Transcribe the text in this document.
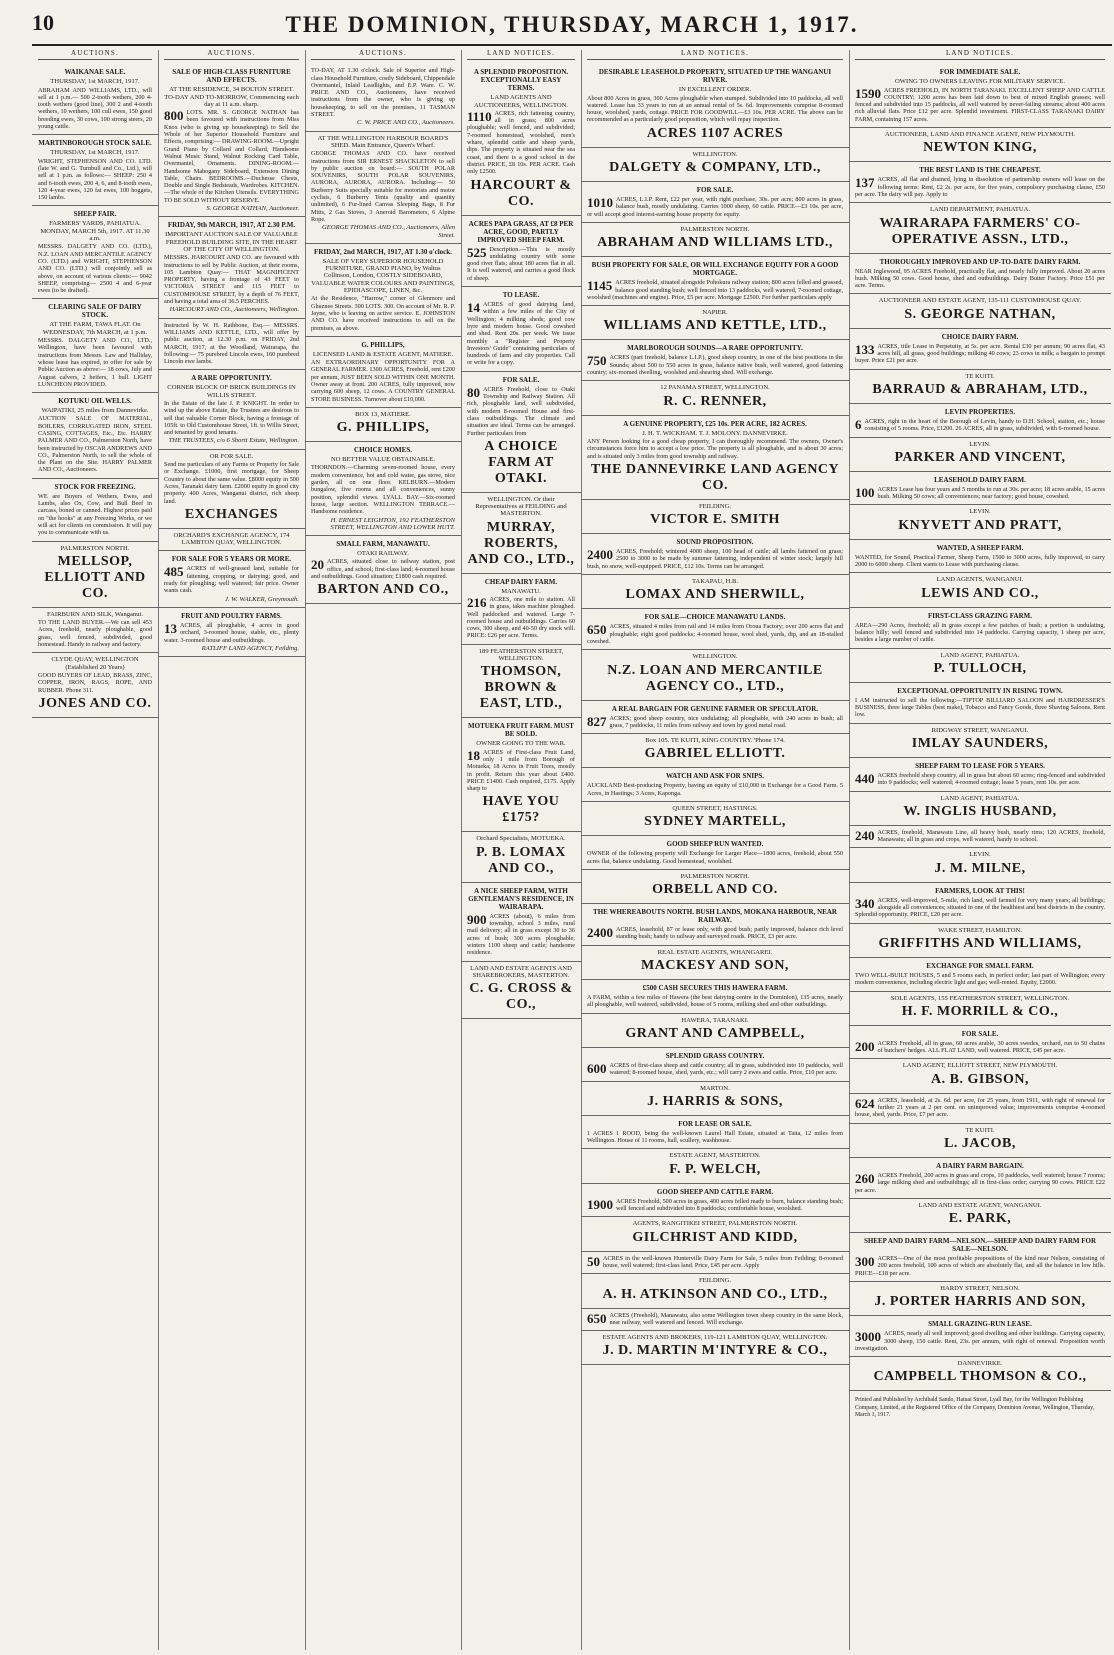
10	THE DOMINION, THURSDAY, MARCH 1, 1917.
AUCTIONS.
WAIKANAE SALE.
THURSDAY, 1st MARCH, 1917.
ABRAHAM AND WILLIAMS, LTD., will sell at 1 p.m.— 500 2-tooth wethers, 200 4-tooth wethers (good line), 300 2 and 4-tooth wethers, 10 wethers, 100 cull ewes, 150 good breeding ewes, 30 cows, 100 strong steers, 20 young cattle.
MARTINBOROUGH STOCK SALE.
THURSDAY, 1st MARCH, 1917.
WRIGHT, STEPHENSON AND CO. LTD. (late W. and G. Turnbull and Co., Ltd.), will sell at 1 p.m. as follows:— SHEEP: 250 4 and 6-tooth ewes, 200 4, 6, and 8-tooth ewes, 120 4-year ewes, 120 fat ewes, 100 hoggets, 150 lambs.
SHEEP FAIR.
FARMERS' YARDS, PAHIATUA. MONDAY, MARCH 5th, 1917. AT 11.30 a.m.
MESSRS. DALGETY AND CO. (LTD.), N.Z. LOAN AND MERCANTILE AGENCY CO. (LTD.) and WRIGHT, STEPHENSON AND CO. (LTD.) will conjointly sell as above, on account of various clients:— 9042 SHEEP, comprising— 2500 4 and 6-year ewes (to be drafted).
CLEARING SALE OF DAIRY STOCK.
AT THE FARM, TAWA FLAT. On WEDNESDAY, 7th MARCH, at 1 p.m.
MESSRS. DALGETY AND CO., LTD., Wellington, have been favoured with instructions from Messrs. Law and Halliday, whose lease has expired, to offer for sale by Public Auction as above:— 18 cows, July and August calvers, 2 heifers, 1 bull. LIGHT LUNCHEON PROVIDED.
KOTUKU OIL WELLS.
WAIPATIKI, 25 miles from Dannevirke.
AUCTION SALE OF MATERIAL, BOILERS, CORRUGATED IRON, STEEL CASING, COTTAGES, Etc., Etc. HARRY PALMER AND CO., Palmerston North, have been instructed by OSCAR ANDREWS AND CO., Palmerston North, to sell the whole of the Plant on the Site. HARRY PALMER AND CO., Auctioneers.
STOCK FOR FREEZING.
WE are Buyers of Wethers, Ewes, and Lambs, also Ox, Cow, and Bull Beef in carcass, boned or canned. Highest prices paid on "the hooks" at any Freezing Works, or we will act for clients on commission. It will pay you to communicate with us.
PALMERSTON NORTH.
MELLSOP, ELLIOTT AND CO.
FAIRBURN AND SILK, Wanganui.
TO THE LAND BUYER.—We can sell 453 Acres, freehold, nearly ploughable, good grass, well fenced, subdivided, good homestead. Handy to railway and factory.
CLYDE QUAY, WELLINGTON (Established 20 Years)
GOOD BUYERS OF LEAD, BRASS, ZINC, COPPER, IRON, RAGS, ROPE, AND RUBBER. Phone 311.
JONES AND CO.
AUCTIONS.
SALE OF HIGH-CLASS FURNITURE AND EFFECTS.
AT THE RESIDENCE, 34 BOLTON STREET. TO-DAY AND TO-MORROW, Commencing each day at 11 a.m. sharp.
800 LOTS. MR. S. GEORGE NATHAN has been favoured with instructions from Miss Knox (who is giving up housekeeping) to Sell the Whole of her Superior Household Furniture and Effects, comprising:— DRAWING-ROOM.—Upright Grand Piano by Collard and Collard, Handsome Walnut Music Stand, Walnut Rocking Card Table, Overmantel, Ornaments. DINING-ROOM.—Handsome Mahogany Sideboard, Extension Dining Table, Chairs. BEDROOMS.—Duchesse Chests, Double and Single Bedsteads, Wardrobes. KITCHEN.—The whole of the Kitchen Utensils. EVERYTHING TO BE SOLD WITHOUT RESERVE.
S. GEORGE NATHAN, Auctioneer.
FRIDAY, 9th MARCH, 1917, AT 2.30 P.M.
IMPORTANT AUCTION SALE OF VALUABLE FREEHOLD BUILDING SITE, IN THE HEART OF THE CITY OF WELLINGTON.
MESSRS. HARCOURT AND CO. are favoured with instructions to sell by Public Auction, at their rooms, 105 Lambton Quay:— THAT MAGNIFICENT PROPERTY, having a frontage of 43 FEET to VICTORIA STREET and 115 FEET to CUSTOMHOUSE STREET, by a depth of 76 FEET, and having a total area of 36.5 PERCHES.
HARCOURT AND CO., Auctioneers, Wellington.
Instructed by W. H. Rathbone, Esq.— MESSRS. WILLIAMS AND KETTLE, LTD., will offer by public auction, at 12.30 p.m. on FRIDAY, 2nd MARCH, 1917, at the Woodland, Wairarapa, the following:— 75 purebred Lincoln ewes, 160 purebred Lincoln ewe lambs.
A RARE OPPORTUNITY.
CORNER BLOCK OF BRICK BUILDINGS IN WILLIS STREET.
In the Estate of the late J. P. KNIGHT. In order to wind up the above Estate, the Trustees are desirous to sell that valuable Corner Block, having a frontage of 105ft. to Old Customhouse Street, 1ft. to Willis Street, and tenanted by good tenants.
THE TRUSTEES, c/o 6 Shortt Estate, Wellington.
OR FOR SALE.
Send me particulars of any Farms or Property for Sale or Exchange. £1000, first mortgage, for Sheep Country to about the same value. £8000 equity in 500 Acres, Taranaki dairy farm. £2000 equity in good city property. 400 Acres, Wanganui district, rich sheep land.
EXCHANGES
ORCHARD'S EXCHANGE AGENCY, 174 LAMBTON QUAY, WELLINGTON.
FOR SALE FOR 5 YEARS OR MORE.
485 ACRES of well-grassed land, suitable for fattening, cropping, or dairying; good, and ready for ploughing; well watered; fair price. Owner wants cash.
J. W. WALKER, Greymouth.
FRUIT AND POULTRY FARMS.
13 ACRES, all ploughable, 4 acres in good orchard, 3-roomed house, stable, etc., plenty water. 3-roomed house and outbuildings.
RATLIFF LAND AGENCY, Feilding.
AUCTIONS.
TO-DAY, AT 1.30 o'clock. Sale of Superior and High-class Household Furniture, costly Sideboard, Chippendale Overmantel, Inlaid Leadlights, and E.P. Ware. C. W. PRICE AND CO., Auctioneers, have received instructions from the owner, who is giving up housekeeping, to sell on the premises, 11 TASMAN STREET.
C. W. PRICE AND CO., Auctioneers.
AT THE WELLINGTON HARBOUR BOARD'S SHED. Main Entrance, Queen's Wharf.
GEORGE THOMAS AND CO. have received instructions from SIR ERNEST SHACKLETON to sell by public auction on board:— SOUTH POLAR SOUVENIRS, SOUTH POLAR SOUVENIRS, AURORA, AURORA, AURORA. Including:— 50 Burberry Suits specially suitable for motorists and motor cyclists, 6 Burberry Tents (quality and quantity unlimited), 6 Fur-lined Canvas Sleeping Bags, 8 Fur Mitts, 2 Gas Stoves, 3 Aneroid Barometers, 6 Alpine Rope.
GEORGE THOMAS AND CO., Auctioneers, Allen Street.
FRIDAY, 2nd MARCH, 1917, AT 1.30 o'clock.
SALE OF VERY SUPERIOR HOUSEHOLD FURNITURE, GRAND PIANO, by Waltus Collinson, London, COSTLY SIDEBOARD, VALUABLE WATER COLOURS AND PAINTINGS, EPIDIASCOPE, LINEN, &c.
At the Residence, "Harrow," corner of Glenmore and Ghuznee Streets. 300 LOTS. 300. On account of Mr. R. P. Jayne, who is leaving on active service. E. JOHNSTON AND CO. have received instructions to sell on the premises, as above.
G. PHILLIPS,
LICENSED LAND & ESTATE AGENT, MATIERE.
AN EXTRAORDINARY OPPORTUNITY FOR A GENERAL FARMER. 1300 ACRES, Freehold, rent £200 per annum, JUST BEEN SOLD WITHIN ONE MONTH. Owner away at front. 200 ACRES, fully improved, now carrying 600 sheep, 12 cows. A COUNTRY GENERAL STORE BUSINESS. Turnover about £10,000.
BOX 13, MATIERE.
G. PHILLIPS,
CHOICE HOMES.
NO BETTER VALUE OBTAINABLE.
THORNDON.—Charming seven-roomed house, every modern convenience, hot and cold water, gas stove, nice garden, all on one floor. KELBURN.—Modern bungalow, five rooms and all conveniences, sunny position, splendid views. LYALL BAY.—Six-roomed house, large section. WELLINGTON TERRACE.—Handsome residence.
H. ERNEST LEIGHTON, 192 FEATHERSTON STREET, WELLINGTON AND LOWER HUTT.
SMALL FARM, MANAWATU.
OTAKI RAILWAY.
20 ACRES, situated close to railway station, post office, and school; first-class land; 4-roomed house and outbuildings. Good situation; £1800 cash required.
BARTON AND CO.,
LAND NOTICES.
A SPLENDID PROPOSITION. EXCEPTIONALLY EASY TERMS.
LAND AGENTS AND AUCTIONEERS, WELLINGTON.
1110 ACRES, rich fattening country, all in grass; 800 acres ploughable; well fenced, and subdivided; 7-roomed homestead, woolshed, men's whare, splendid cattle and sheep yards, dips. The property is situated near the sea coast, and there is a good school in the district. PRICE, £8 10s. PER ACRE. Cash only £2500.
HARCOURT & CO.
ACRES PAPA GRASS, AT £8 PER ACRE, GOOD, PARTLY IMPROVED SHEEP FARM.
525 Description.—This is mostly undulating country with some good river flats; about 180 acres flat in all. It is well watered, and carries a good flock of sheep.
TO LEASE.
14 ACRES of good dairying land, within a few miles of the City of Wellington; 4 milking sheds; good cow byre and modern house. Good cowshed and shed. Rent 20s. per week. We issue monthly a "Register and Property Investors' Guide" containing particulars of hundreds of farm and city properties. Call or write for a copy.
FOR SALE.
80 ACRES Freehold, close to Otaki Township and Railway Station. All rich, ploughable land, well subdivided, with modern 8-roomed House and first-class outbuildings. The climate and situation are ideal. Terms can be arranged. Further particulars from
A CHOICE FARM AT OTAKI.
WELLINGTON. Or their Representatives at FEILDING and MASTERTON.
MURRAY, ROBERTS, AND CO., LTD.,
CHEAP DAIRY FARM.
MANAWATU.
216 ACRES, one mile to station. All in grass, takes machine ploughed. Well paddocked and watered. Large 7-roomed house and outbuildings. Carries 60 cows, 300 sheep, and 40-50 dry stock will. PRICE: £26 per acre. Terms.
189 FEATHERSTON STREET, WELLINGTON.
THOMSON, BROWN & EAST, LTD.,
MOTUEKA FRUIT FARM. MUST BE SOLD.
OWNER GOING TO THE WAR.
18 ACRES of First-class Fruit Land, only 1 mile from Borough of Motueka; 18 Acres in Fruit Trees, mostly in profit. Return this year about £400. PRICE £1400. Cash required, £175. Apply sharp to
HAVE YOU £175?
Orchard Specialists, MOTUEKA.
P. B. LOMAX AND CO.,
A NICE SHEEP FARM, WITH GENTLEMAN'S RESIDENCE, IN WAIRARAPA.
900 ACRES (about), 6 miles from township, school 3 miles, rural mail delivery; all in grass except 30 to 36 acres of bush; 300 acres ploughable; winters 1100 sheep and cattle; handsome residence.
LAND AND ESTATE AGENTS AND SHAREBROKERS, MASTERTON.
C. G. CROSS & CO.,
LAND NOTICES.
DESIRABLE LEASEHOLD PROPERTY, SITUATED UP THE WANGANUI RIVER.
IN EXCELLENT ORDER.
About 800 Acres in grass, 300 Acres ploughable when stumped. Subdivided into 10 paddocks, all well watered. Lease has 33 years to run at an annual rental of 5s. 6d. Improvements comprise 8-roomed house, woolshed, yards, cottage. PRICE FOR GOODWILL—£3 10s. PER ACRE. The above can be recommended as a particularly good proposition, which will repay inspection.
ACRES 1107 ACRES
WELLINGTON.
DALGETY & COMPANY, LTD.,
FOR SALE.
1010 ACRES, L.I.P. Rent, £22 per year, with right purchase, 30s. per acre; 800 acres in grass, balance bush, mostly undulating. Carries 1000 sheep, 60 cattle. PRICE—£3 10s. per acre, or will accept good interest-earning house property for equity.
PALMERSTON NORTH.
ABRAHAM AND WILLIAMS LTD.,
BUSH PROPERTY FOR SALE, OR WILL EXCHANGE EQUITY FOR A GOOD MORTGAGE.
1145 ACRES freehold, situated alongside Pohokura railway station; 800 acres felled and grassed, balance good standing bush; well fenced into 13 paddocks, well watered, 7-roomed cottage, woolshed (machines and engine). Price, £5 per acre. Mortgage £2500. For further particulars apply
NAPIER.
WILLIAMS AND KETTLE, LTD.,
MARLBOROUGH SOUNDS—A RARE OPPORTUNITY.
750 ACRES (part freehold, balance L.I.P.), good sheep country, in one of the best positions in the Sounds; about 500 to 550 acres in grass, balance native bush, well watered, good fattening country; six-roomed dwelling, woolshed and shearing shed. Will exchange.
12 PANAMA STREET, WELLINGTON.
R. C. RENNER,
A GENUINE PROPERTY, £25 10s. PER ACRE, 182 ACRES.
J. H. T. WICKHAM. T. J. MOLONY. DANNEVIRKE.
ANY Person looking for a good cheap property, I can thoroughly recommend. The owners, Owner's circumstances force him to accept a low price. The property is all ploughable, and is about 30 acres; and is situated only 3 miles from good township and railway.
THE DANNEVIRKE LAND AGENCY CO.
FEILDING.
VICTOR E. SMITH
SOUND PROPOSITION.
2400 ACRES, Freehold; wintered 4000 sheep, 100 head of cattle; all lambs fattened on grass; 2500 to 3000 to be made by summer fattening, independent of winter stock; largely hill bush, no snow, well-equipped. PRICE, £12 10s. Terms can be arranged.
TAKAPAU, H.B.
LOMAX AND SHERWILL,
FOR SALE—CHOICE MANAWATU LANDS.
650 ACRES, situated 4 miles from rail and 14 miles from Oroua Factory; over 200 acres flat and ploughable; eight good paddocks; 4-roomed house, wool shed, yards, dip, and an 18-stalled cowshed.
WELLINGTON.
N.Z. LOAN AND MERCANTILE AGENCY CO., LTD.,
A REAL BARGAIN FOR GENUINE FARMER OR SPECULATOR.
827 ACRES; good sheep country, nice undulating; all ploughable, with 240 acres in bush; all grass, 7 paddocks, 11 miles from railway and town by good metal road.
Box 105. TE KUITI, KING COUNTRY. 'Phone 174.
GABRIEL ELLIOTT.
WATCH AND ASK FOR SNIPS.
AUCKLAND Best-producing Property, having an equity of £10,000 in Exchange for a Good Farm. 5 Acres, in Hastings; 3 Acres, Kaponga.
QUEEN STREET, HASTINGS.
SYDNEY MARTELL,
GOOD SHEEP RUN WANTED.
OWNER of the following property will Exchange for Larger Place—1800 acres, freehold, about 550 acres flat, balance undulating. Good homestead, woolshed.
PALMERSTON NORTH.
ORBELL AND CO.
THE WHEREABOUTS NORTH. BUSH LANDS, MOKANA HARBOUR, NEAR RAILWAY.
2400 ACRES, leasehold, 87 or lease only, with good bush; partly improved, balance rich level standing bush; handy to railway and surveyed roads. PRICE, £3 per acre.
REAL ESTATE AGENTS, WHANGAREI.
MACKESY AND SON,
£500 CASH SECURES THIS HAWERA FARM.
A FARM, within a few miles of Hawera (the best dairying centre in the Dominion), 135 acres, nearly all ploughable, well watered, subdivided, house of 5 rooms, milking shed and other outbuildings.
HAWERA, TARANAKI.
GRANT AND CAMPBELL,
SPLENDID GRASS COUNTRY.
600 ACRES of first-class sheep and cattle country; all in grass, subdivided into 10 paddocks, well watered; 8-roomed house, shed, yards, etc.; will carry 2 ewes and cattle. Price, £10 per acre.
MARTON.
J. HARRIS & SONS,
FOR LEASE OR SALE.
1 ACRES 1 ROOD, being the well-known Laurel Hall Estate, situated at Taita, 12 miles from Wellington. House of 11 rooms, hall, scullery, washhouse.
ESTATE AGENT, MASTERTON.
F. P. WELCH,
GOOD SHEEP AND CATTLE FARM.
1900 ACRES Freehold, 500 acres in grass, 400 acres felled ready to burn, balance standing bush; well fenced and subdivided into 8 paddocks; comfortable house, woolshed.
AGENTS, RANGITIKEI STREET, PALMERSTON NORTH.
GILCHRIST AND KIDD,
50 ACRES in the well-known Hunterville Dairy Farm for Sale, 5 miles from Feilding; 8-roomed house, well watered; first-class land. Price, £45 per acre. Apply
FEILDING.
A. H. ATKINSON AND CO., LTD.,
650 ACRES (Freehold), Manawatu, also some Wellington town sheep country in the same block, near railway, well watered and fenced. Will exchange.
ESTATE AGENTS AND BROKERS, 119-121 LAMBTON QUAY, WELLINGTON.
J. D. MARTIN M'INTYRE & CO.,
LAND NOTICES.
FOR IMMEDIATE SALE.
OWING TO OWNERS LEAVING FOR MILITARY SERVICE.
1590 ACRES FREEHOLD, IN NORTH TARANAKI. EXCELLENT SHEEP AND CATTLE COUNTRY; 1200 acres has been laid down to best of mixed English grasses; well fenced and subdivided into 15 paddocks, all well watered by never-failing streams; about 400 acres rich alluvial flats. Price £12 per acre. Splendid investment. FIRST-CLASS TARANAKI DAIRY FARM, containing 157 acres.
AUCTIONEER, LAND AND FINANCE AGENT, NEW PLYMOUTH.
NEWTON KING,
THE BEST LAND IS THE CHEAPEST.
137 ACRES, all flat and drained, lying in dissolution of partnership owners will lease on the following terms: Rent, £2 2s. per acre, for five years, compulsory purchasing clause, £50 per acre. The dairy will pay. Apply to
LAND DEPARTMENT, PAHIATUA.
WAIRARAPA FARMERS' CO-OPERATIVE ASSN., LTD.,
THOROUGHLY IMPROVED AND UP-TO-DATE DAIRY FARM.
NEAR Inglewood, 95 ACRES Freehold, practically flat, and nearly fully improved. About 20 acres bush. Milking 50 cows. Good house, shed and outbuildings. Dairy Butter Factory. Price £51 per acre. Terms.
AUCTIONEER AND ESTATE AGENT, 135-111 CUSTOMHOUSE QUAY.
S. GEORGE NATHAN,
CHOICE DAIRY FARM.
133 ACRES, title Lease in Perpetuity, at 5s. per acre. Rental £30 per annum; 90 acres flat, 43 acres hill, all grass, good buildings; milking 40 cows; 23 cows in milk; a bargain to prompt buyer. Price £21 per acre.
TE KUITI.
BARRAUD & ABRAHAM, LTD.,
LEVIN PROPERTIES.
6 ACRES, right in the heart of the Borough of Levin, handy to D.H. School, station, etc.; house consisting of 5 rooms. Price, £1200. 26 ACRES, all in grass, subdivided, with 6-roomed house.
LEVIN.
PARKER AND VINCENT,
LEASEHOLD DAIRY FARM.
100 ACRES Lease has four years and 5 months to run at 30s. per acre; 18 acres arable, 15 acres bush. Milking 50 cows; all conveniences; near factory; good house, cowshed.
LEVIN.
KNYVETT AND PRATT,
WANTED, A SHEEP FARM.
WANTED, for Sound, Practical Farmer, Sheep Farm, 1500 to 3000 acres, fully improved, to carry 2000 to 6000 sheep. Client wants to Lease with purchasing clause.
LAND AGENTS, WANGANUI.
LEWIS AND CO.,
FIRST-CLASS GRAZING FARM.
AREA—290 Acres, freehold; all in grass except a few patches of bush; a portion is undulating, balance hilly; well fenced and subdivided into 14 paddocks. Carrying capacity, 1 sheep per acre, besides a large number of cattle.
LAND AGENT, PAHIATUA.
P. TULLOCH,
EXCEPTIONAL OPPORTUNITY IN RISING TOWN.
I AM instructed to sell the following:—TIPTOP BILLIARD SALOON and HAIRDRESSER'S BUSINESS, three large Tables (best make), Tobacco and Fancy Goods, three Shaving Saloons. Rent low.
RIDGWAY STREET, WANGANUI.
IMLAY SAUNDERS,
SHEEP FARM TO LEASE FOR 5 YEARS.
440 ACRES freehold sheep country, all in grass but about 60 acres; ring-fenced and subdivided into 9 paddocks; well watered; 4-roomed cottage; lease 5 years, rent 10s. per acre.
LAND AGENT, PAHIATUA.
W. INGLIS HUSBAND,
240 ACRES, freehold, Manawatu Line, all heavy bush, nearly rims; 120 ACRES, freehold, Manawatu; all in grass and crops, well watered, handy to school.
LEVIN.
J. M. MILNE,
FARMERS, LOOK AT THIS!
340 ACRES, well-improved, 5-mile, rich land, well farmed for very many years; all buildings; alongside all conveniences; situated in one of the healthiest and best districts in the country. Splendid opportunity. PRICE, £20 per acre.
WAKE STREET, HAMILTON.
GRIFFITHS AND WILLIAMS,
EXCHANGE FOR SMALL FARM.
TWO WELL-BUILT HOUSES, 5 and 5 rooms each, in perfect order; last part of Wellington; every modern convenience, including electric light and gas; well-rented. Equity, £2000.
SOLE AGENTS, 155 FEATHERSTON STREET, WELLINGTON.
H. F. MORRILL & CO.,
FOR SALE.
200 ACRES Freehold, all in grass, 60 acres arable, 30 acres swedes, orchard, run to 50 chains of butchers' hedges. ALL FLAT LAND, well watered. PRICE, £45 per acre.
LAND AGENT, ELLIOTT STREET, NEW PLYMOUTH.
A. B. GIBSON,
624 ACRES, leasehold, at 2s. 6d. per acre, for 25 years, from 1911, with right of renewal for further 21 years at 2 per cent. on unimproved value; improvements comprise 4-roomed house, shed, yards. Price, £7 per acre.
TE KUITI.
L. JACOB,
A DAIRY FARM BARGAIN.
260 ACRES Freehold, 200 acres in grass and crops, 10 paddocks, well watered; house 7 rooms; large milking shed and outbuildings; all in first-class order; carrying 90 cows. PRICE £22 per acre.
LAND AND ESTATE AGENT, WANGANUI.
E. PARK,
SHEEP AND DAIRY FARM—NELSON.—SHEEP AND DAIRY FARM FOR SALE—NELSON.
300 ACRES—One of the most profitable propositions of the kind near Nelson, consisting of 200 acres freehold, 100 acres of which are absolutely flat, and all the balance in low hills. PRICE—£18 per acre.
HARDY STREET, NELSON.
J. PORTER HARRIS AND SON,
SMALL GRAZING-RUN LEASE.
3000 ACRES, nearly all well improved; good dwelling and other buildings. Carrying capacity, 3000 sheep, 150 cattle. Rent, 23s. per annum, with right of renewal. Proposition worth investigation.
DANNEVIRKE.
CAMPBELL THOMSON & CO.,
Printed and Published by Archibald Sando, Hatuai Street, Lyall Bay, for the Wellington Publishing Company, Limited, at the Registered Office of the Company, Dominion Avenue, Wellington, Thursday, March 1, 1917.
